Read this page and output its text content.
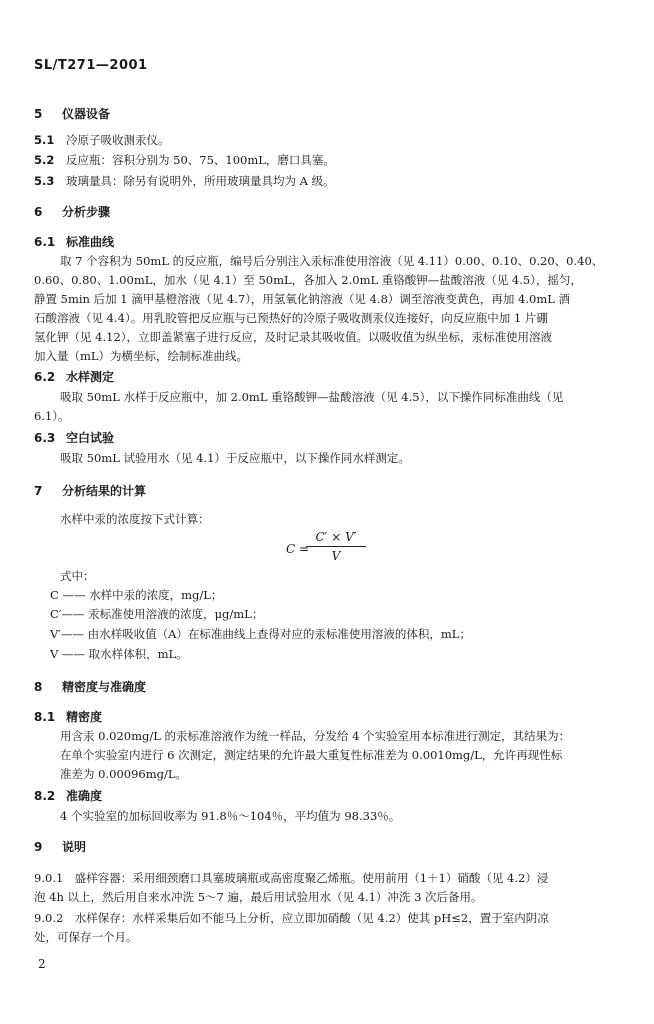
SL/T271—2001
5 仪器设备
5.1 冷原子吸收测汞仪。
5.2 反应瓶：容积分别为 50、75、100mL，磨口具塞。
5.3 玻璃量具：除另有说明外，所用玻璃量具均为 A 级。
6 分析步骤
6.1 标准曲线
取 7 个容积为 50mL 的反应瓶，编号后分别注入汞标准使用溶液（见 4.11）0.00、0.10、0.20、0.40、
0.60、0.80、1.00mL，加水（见 4.1）至 50mL，各加入 2.0mL 重铬酸钾—盐酸溶液（见 4.5），摇匀，
静置 5min 后加 1 滴甲基橙溶液（见 4.7），用氢氧化钠溶液（见 4.8）调至溶液变黄色，再加 4.0mL 酒
石酸溶液（见 4.4）。用乳胶管把反应瓶与已预热好的冷原子吸收测汞仪连接好，向反应瓶中加 1 片硼
氢化钾（见 4.12），立即盖紧塞子进行反应，及时记录其吸收值。以吸收值为纵坐标，汞标准使用溶液
加入量（mL）为横坐标，绘制标准曲线。
6.2 水样测定
吸取 50mL 水样于反应瓶中，加 2.0mL 重铬酸钾—盐酸溶液（见 4.5），以下操作同标准曲线（见
6.1）。
6.3 空白试验
吸取 50mL 试验用水（见 4.1）于反应瓶中，以下操作同水样测定。
7 分析结果的计算
水样中汞的浓度按下式计算：
C =
C′ × V′
V
式中：
C —— 水样中汞的浓度，mg/L；
C′—— 汞标准使用溶液的浓度，μg/mL；
V′—— 由水样吸收值（A）在标准曲线上查得对应的汞标准使用溶液的体积，mL；
V —— 取水样体积，mL。
8 精密度与准确度
8.1 精密度
用含汞 0.020mg/L 的汞标准溶液作为统一样品，分发给 4 个实验室用本标准进行测定，其结果为：
在单个实验室内进行 6 次测定，测定结果的允许最大重复性标准差为 0.0010mg/L，允许再现性标
准差为 0.00096mg/L。
8.2 准确度
4 个实验室的加标回收率为 91.8％～104％，平均值为 98.33％。
9 说明
9.0.1　盛样容器：采用细颈磨口具塞玻璃瓶或高密度聚乙烯瓶。使用前用（1＋1）硝酸（见 4.2）浸
泡 4h 以上，然后用自来水冲洗 5～7 遍，最后用试验用水（见 4.1）冲洗 3 次后备用。
9.0.2　水样保存：水样采集后如不能马上分析，应立即加硝酸（见 4.2）使其 pH≤2，置于室内阴凉
处，可保存一个月。
2
